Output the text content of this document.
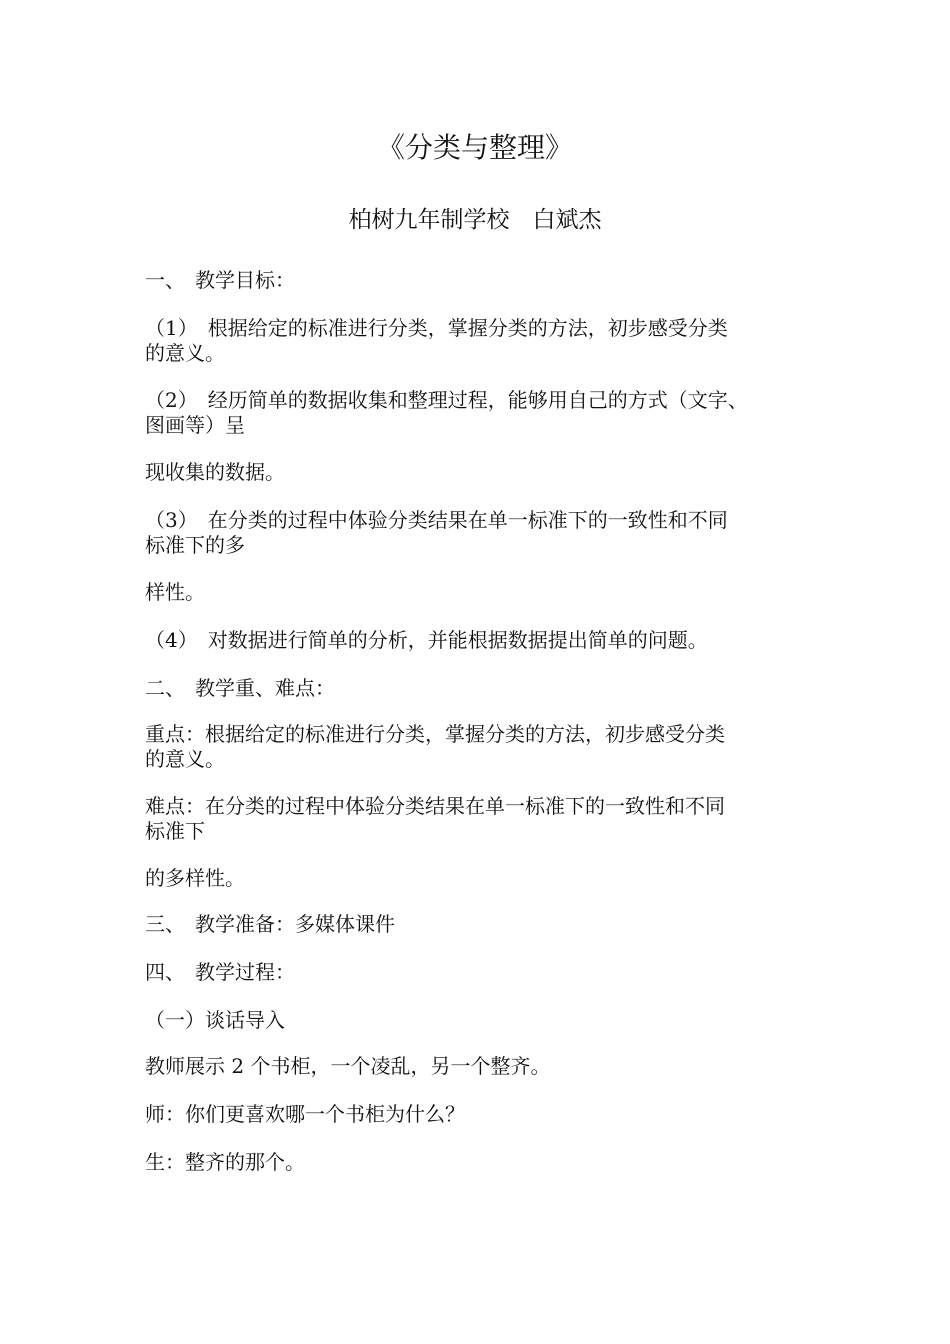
《分类与整理》
柏树九年制学校　白斌杰
一、　教学目标：
（1）　根据给定的标准进行分类，掌握分类的方法，初步感受分类
的意义。
（2）　经历简单的数据收集和整理过程，能够用自己的方式（文字、
图画等）呈
现收集的数据。
（3）　在分类的过程中体验分类结果在单一标准下的一致性和不同
标准下的多
样性。
（4）　对数据进行简单的分析，并能根据数据提出简单的问题。
二、　教学重、难点：
重点：根据给定的标准进行分类，掌握分类的方法，初步感受分类
的意义。
难点：在分类的过程中体验分类结果在单一标准下的一致性和不同
标准下
的多样性。
三、　教学准备：多媒体课件
四、　教学过程：
（一）谈话导入
教师展示 2 个书柜，一个凌乱，另一个整齐。
师：你们更喜欢哪一个书柜为什么？
生：整齐的那个。
